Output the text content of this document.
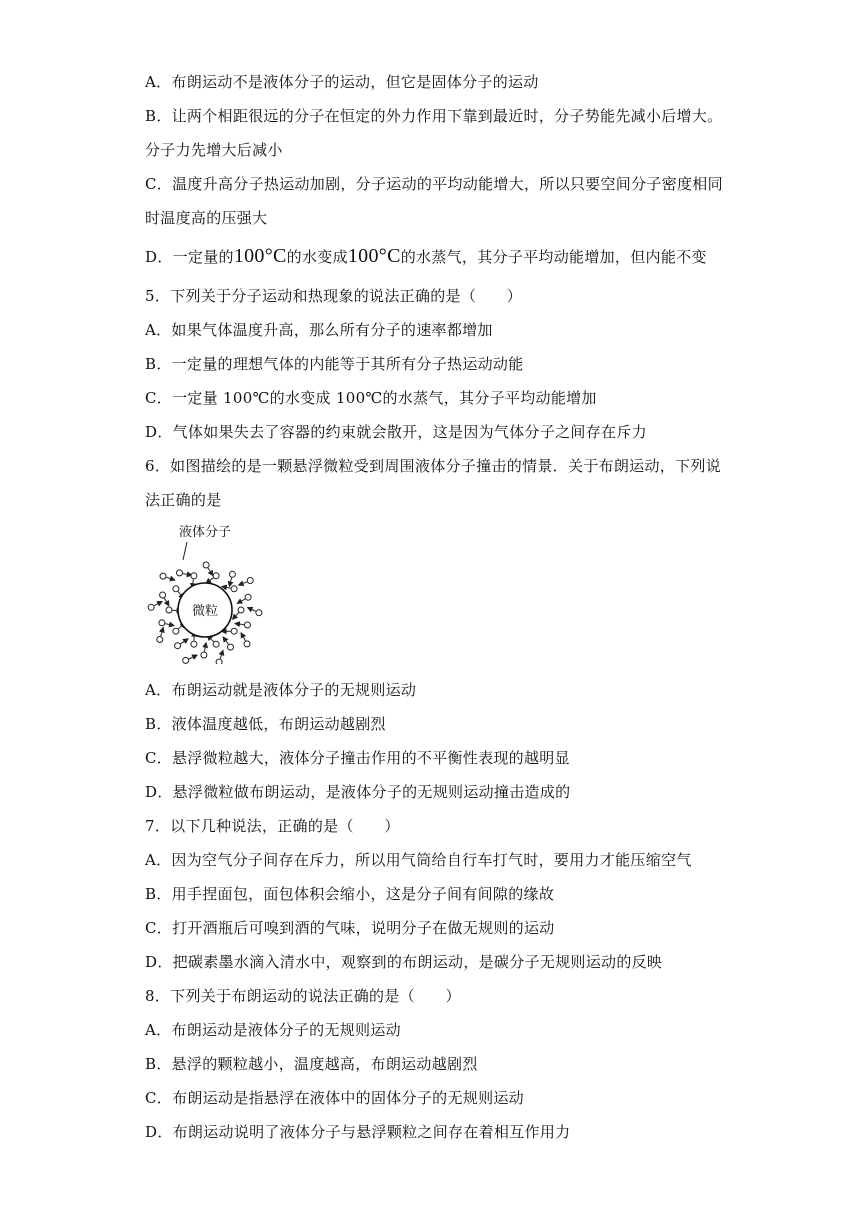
A．布朗运动不是液体分子的运动，但它是固体分子的运动
B．让两个相距很远的分子在恒定的外力作用下靠到最近时，分子势能先减小后增大。
分子力先增大后减小
C．温度升高分子热运动加剧，分子运动的平均动能增大，所以只要空间分子密度相同
时温度高的压强大
D．一定量的100°C的水变成100°C的水蒸气，其分子平均动能增加，但内能不变
5．下列关于分子运动和热现象的说法正确的是（　　）
A．如果气体温度升高，那么所有分子的速率都增加
B．一定量的理想气体的内能等于其所有分子热运动动能
C．一定量 100℃的水变成 100℃的水蒸气，其分子平均动能增加
D．气体如果失去了容器的约束就会散开，这是因为气体分子之间存在斥力
6．如图描绘的是一颗悬浮微粒受到周围液体分子撞击的情景．关于布朗运动，下列说
法正确的是
液体分子
微粒
A．布朗运动就是液体分子的无规则运动
B．液体温度越低，布朗运动越剧烈
C．悬浮微粒越大，液体分子撞击作用的不平衡性表现的越明显
D．悬浮微粒做布朗运动，是液体分子的无规则运动撞击造成的
7．以下几种说法，正确的是（　　）
A．因为空气分子间存在斥力，所以用气筒给自行车打气时，要用力才能压缩空气
B．用手捏面包，面包体积会缩小，这是分子间有间隙的缘故
C．打开酒瓶后可嗅到酒的气味，说明分子在做无规则的运动
D．把碳素墨水滴入清水中，观察到的布朗运动，是碳分子无规则运动的反映
8．下列关于布朗运动的说法正确的是（　　）
A．布朗运动是液体分子的无规则运动
B．悬浮的颗粒越小，温度越高，布朗运动越剧烈
C．布朗运动是指悬浮在液体中的固体分子的无规则运动
D．布朗运动说明了液体分子与悬浮颗粒之间存在着相互作用力
